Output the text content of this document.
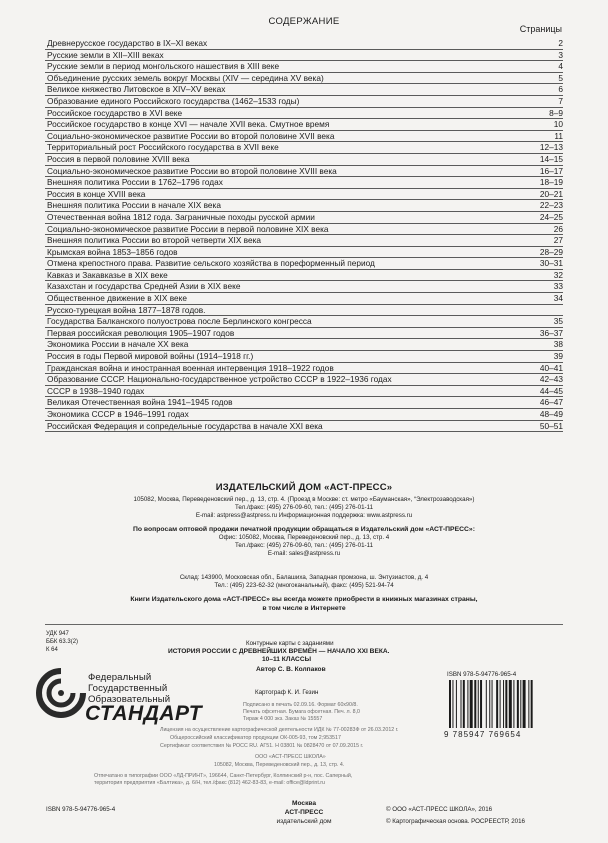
СОДЕРЖАНИЕ
Страницы
Древнерусское государство в IX–XI веках	2
Русские земли в XII–XIII веках	3
Русские земли в период монгольского нашествия в XIII веке	4
Объединение русских земель вокруг Москвы (XIV — середина XV века)	5
Великое княжество Литовское в XIV–XV веках	6
Образование единого Российского государства (1462–1533 годы)	7
Российское государство в XVI веке	8–9
Российское государство в конце XVI — начале XVII века. Смутное время	10
Социально-экономическое развитие России во второй половине XVII века	11
Территориальный рост Российского государства в XVII веке	12–13
Россия в первой половине XVIII века	14–15
Социально-экономическое развитие России во второй половине XVIII века	16–17
Внешняя политика России в 1762–1796 годах	18–19
Россия в конце XVIII века	20–21
Внешняя политика России в начале XIX века	22–23
Отечественная война 1812 года. Заграничные походы русской армии	24–25
Социально-экономическое развитие России в первой половине XIX века	26
Внешняя политика России во второй четверти XIX века	27
Крымская война 1853–1856 годов	28–29
Отмена крепостного права. Развитие сельского хозяйства в пореформенный период	30–31
Кавказ и Закавказье в XIX веке	32
Казахстан и государства Средней Азии в XIX веке	33
Общественное движение в XIX веке	34
Русско-турецкая война 1877–1878 годов.
Государства Балканского полуострова после Берлинского конгресса	35
Первая российская революция 1905–1907 годов	36–37
Экономика России в начале XX века	38
Россия в годы Первой мировой войны (1914–1918 гг.)	39
Гражданская война и иностранная военная интервенция 1918–1922 годов	40–41
Образование СССР. Национально-государственное устройство СССР в 1922–1936 годах	42–43
СССР в 1938–1940 годах	44–45
Великая Отечественная война 1941–1945 годов	46–47
Экономика СССР в 1946–1991 годах	48–49
Российская Федерация и сопредельные государства в начале XXI века	50–51
ИЗДАТЕЛЬСКИЙ ДОМ «АСТ-ПРЕСС»
105082, Москва, Переведеновский пер., д. 13, стр. 4. (Проезд в Москве: ст. метро «Бауманская», “Электрозаводская»)
Тел./факс: (495) 276-09-60, тел.: (495) 276-01-11
E-mail: astpress@astpress.ru Информационная поддержка: www.astpress.ru
По вопросам оптовой продажи печатной продукции обращаться в Издательский дом «АСТ-ПРЕСС»:
Офис: 105082, Москва, Переведеновский пер., д. 13, стр. 4
Тел./факс: (495) 276-09-60, тел.: (495) 276-01-11
E-mail: sales@astpress.ru
Склад: 143900, Московская обл., Балашиха, Западная промзона, ш. Энтузиастов, д. 4
Тел.: (495) 223-62-32 (многоканальный), факс: (495) 521-94-74
Книги Издательского дома «АСТ-ПРЕСС» вы всегда можете приобрести в книжных магазинах страны,
в том числе в Интернете
УДК 947
ББК 63.3(2)
К 64
Федеральный
Государственный
Образовательный
СТАНДАРТ
Контурные карты с заданиями
ИСТОРИЯ РОССИИ С ДРЕВНЕЙШИХ ВРЕМЁН — НАЧАЛО XXI ВЕКА.
10–11 КЛАССЫ
Автор С. В. Колпаков
Картограф К. И. Гезин
Подписано в печать 02.09.16. Формат 60х90/8.
Печать офсетная. Бумага офсетная. Печ. л. 8,0
Тираж 4 000 экз. Заказ № 15557
Лицензия на осуществление картографической деятельности ИДК № 77-00283Ф от 26.03.2012 г.
Общероссийский классификатор продукции ОК-005-93, том 2;953517
Сертификат соответствия № РОСС RU. АГ51. Н 03801 № 0828470 от 07.09.2015 г.
ООО «АСТ-ПРЕСС ШКОЛА»
105082, Москва, Переведеновский пер., д. 13, стр. 4.
Отпечатано в типографии ООО «ЛД-ПРИНТ», 196644, Санкт-Петербург, Колпинский р-н, пос. Саперный,
территория предприятия «Балтика», д. 6/Н, тел./факс (812) 462-83-83, e-mail: office@ldprint.ru
ISBN 978-5-94776-965-4
9 785947 769654
ISBN 978-5-94776-965-4
Москва
АСТ-ПРЕСС
издательский дом
© ООО «АСТ-ПРЕСС ШКОЛА», 2016
© Картографическая основа. РОСРЕЕСТР, 2016
